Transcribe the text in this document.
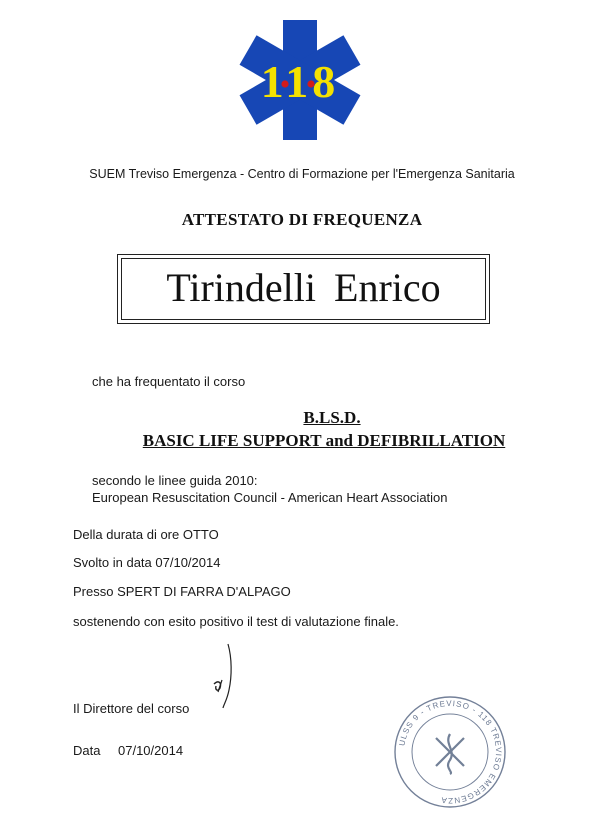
118
SUEM Treviso Emergenza - Centro di Formazione per l'Emergenza Sanitaria
ATTESTATO DI FREQUENZA
Tirindelli Enrico
che ha frequentato il corso
B.LS.D.
BASIC LIFE SUPPORT and DEFIBRILLATION
secondo le linee guida 2010:
European Resuscitation Council - American Heart Association
Della durata di ore OTTO
Svolto in data 07/10/2014
Presso SPERT DI FARRA D'ALPAGO
sostenendo con esito positivo il test di valutazione finale.
Il Direttore del corso
Data 07/10/2014
ULSS 9 - TREVISO - 118 TREVISO EMERGENZA
